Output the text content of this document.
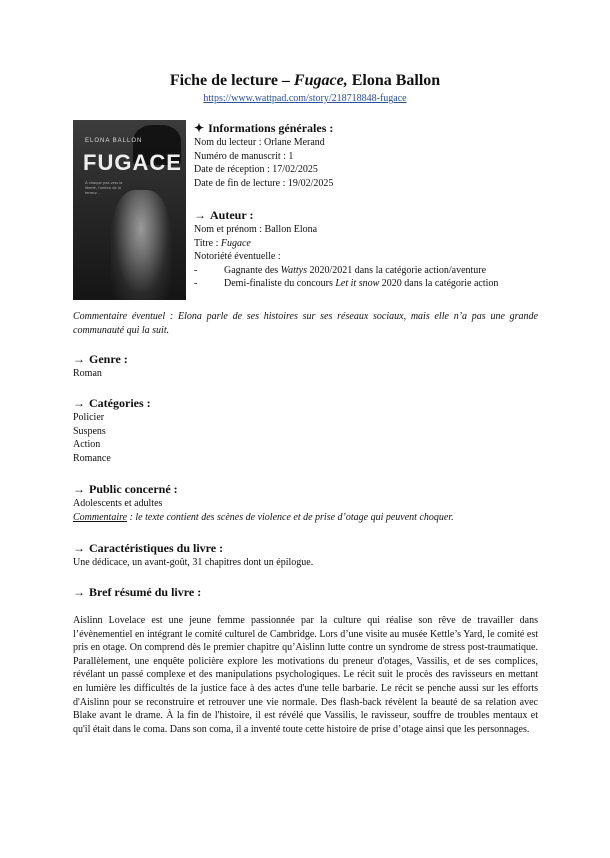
Fiche de lecture – Fugace, Elona Ballon
https://www.wattpad.com/story/218718848-fugace
ELONA BALLON
FUGACE
À chaque pas vers la liberté, l'ombre de la terreur...
✦ Informations générales :
Nom du lecteur : Orlane Merand
Numéro de manuscrit : 1
Date de réception : 17/02/2025
Date de fin de lecture : 19/02/2025
→ Auteur :
Nom et prénom : Ballon Elona
Titre : Fugace
Notoriété éventuelle :
-	Gagnante des Wattys 2020/2021 dans la catégorie action/aventure
-	Demi-finaliste du concours Let it snow 2020 dans la catégorie action
Commentaire éventuel : Elona parle de ses histoires sur ses réseaux sociaux, mais elle n’a pas une grande communauté qui la suit.
→ Genre :
Roman
→ Catégories :
Policier
Suspens
Action
Romance
→ Public concerné :
Adolescents et adultes
Commentaire : le texte contient des scènes de violence et de prise d’otage qui peuvent choquer.
→ Caractéristiques du livre :
Une dédicace, un avant-goût, 31 chapitres dont un épilogue.
→ Bref résumé du livre :
Aislinn Lovelace est une jeune femme passionnée par la culture qui réalise son rêve de travailler dans l’évènementiel en intégrant le comité culturel de Cambridge. Lors d’une visite au musée Kettle’s Yard, le comité est pris en otage. On comprend dès le premier chapitre qu’Aislinn lutte contre un syndrome de stress post-traumatique. Parallèlement, une enquête policière explore les motivations du preneur d'otages, Vassilis, et de ses complices, révélant un passé complexe et des manipulations psychologiques. Le récit suit le procès des ravisseurs en mettant en lumière les difficultés de la justice face à des actes d'une telle barbarie. Le récit se penche aussi sur les efforts d'Aislinn pour se reconstruire et retrouver une vie normale. Des flash-back révèlent la beauté de sa relation avec Blake avant le drame. À la fin de l'histoire, il est révélé que Vassilis, le ravisseur, souffre de troubles mentaux et qu'il était dans le coma. Dans son coma, il a inventé toute cette histoire de prise d’otage ainsi que les personnages.
